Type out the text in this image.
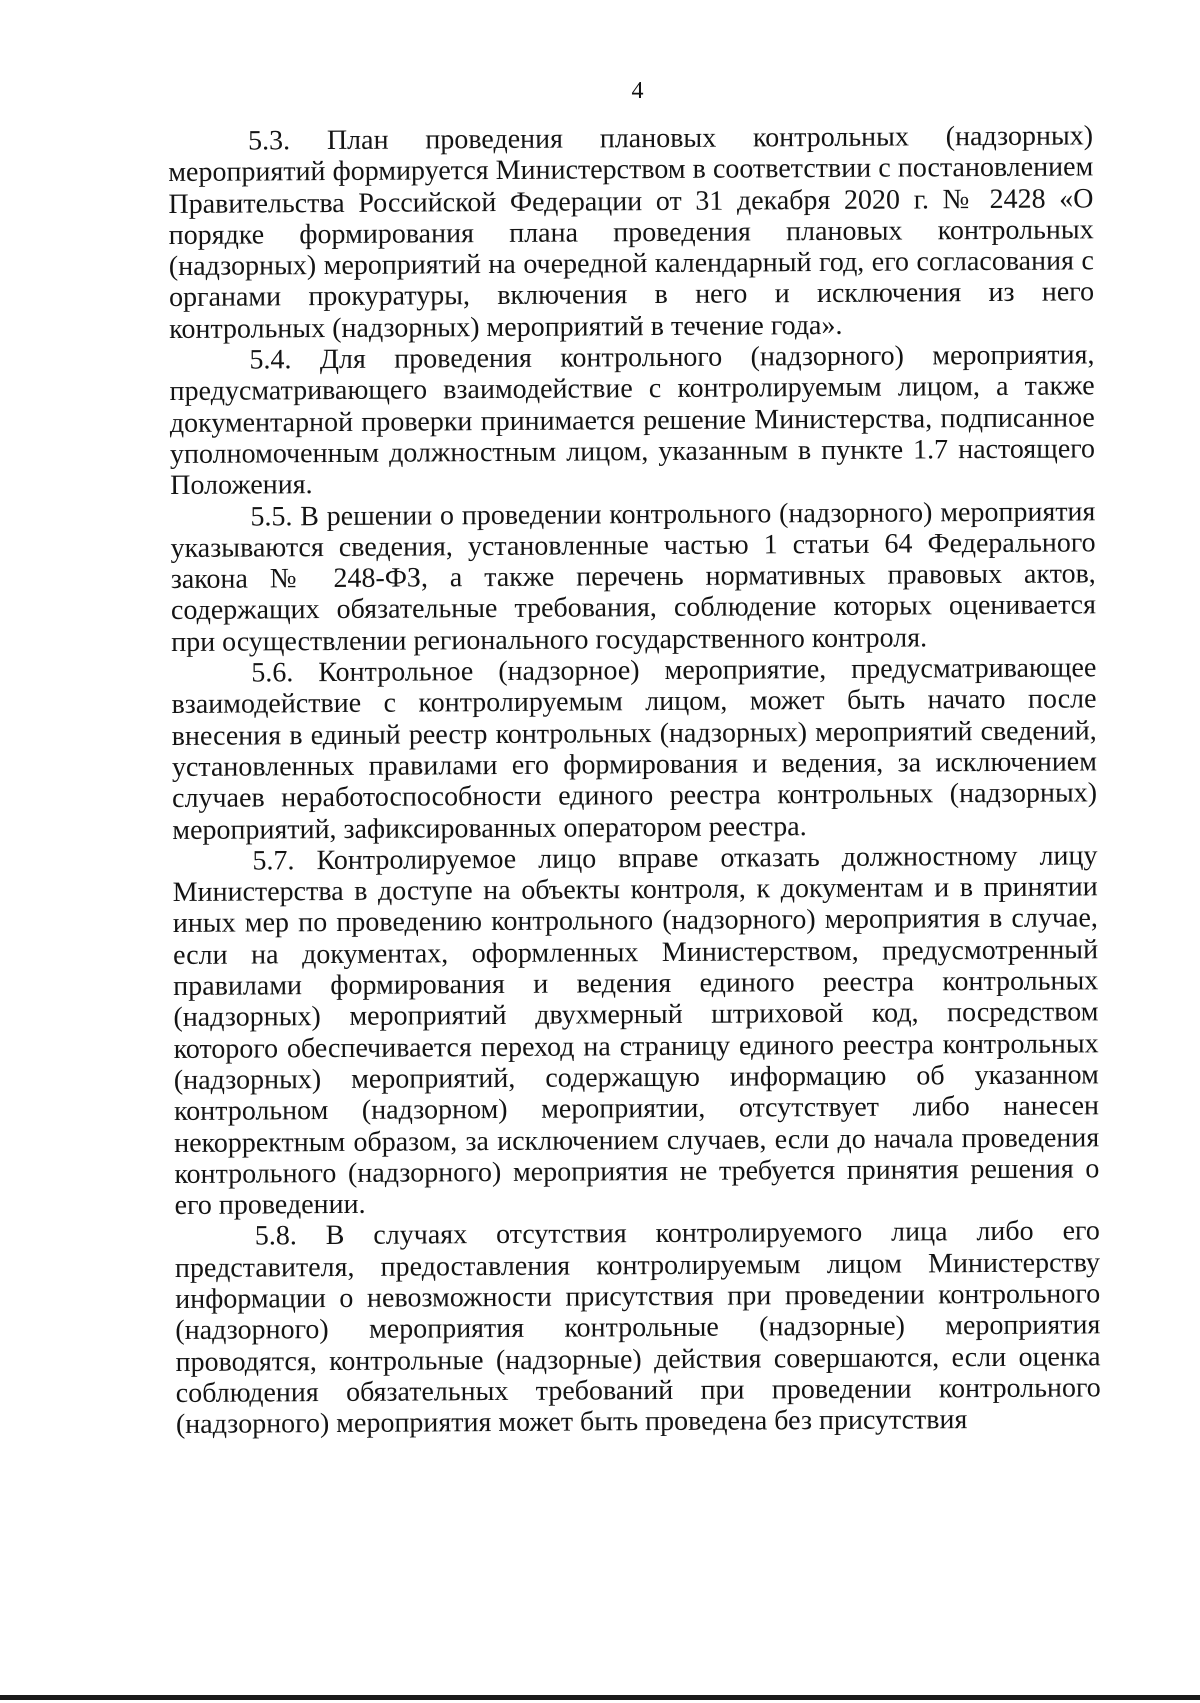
4

5.3. План проведения плановых контрольных (надзорных) мероприятий формируется Министерством в соответствии с постановлением Правительства Российской Федерации от 31 декабря 2020 г. № 2428 «О порядке формирования плана проведения плановых контрольных (надзорных) мероприятий на очередной календарный год, его согласования с органами прокуратуры, включения в него и исключения из него контрольных (надзорных) мероприятий в течение года».

5.4. Для проведения контрольного (надзорного) мероприятия, предусматривающего взаимодействие с контролируемым лицом, а также документарной проверки принимается решение Министерства, подписанное уполномоченным должностным лицом, указанным в пункте 1.7 настоящего Положения.

5.5. В решении о проведении контрольного (надзорного) мероприятия указываются сведения, установленные частью 1 статьи 64 Федерального закона № 248-ФЗ, а также перечень нормативных правовых актов, содержащих обязательные требования, соблюдение которых оценивается при осуществлении регионального государственного контроля.

5.6. Контрольное (надзорное) мероприятие, предусматривающее взаимодействие с контролируемым лицом, может быть начато после внесения в единый реестр контрольных (надзорных) мероприятий сведений, установленных правилами его формирования и ведения, за исключением случаев неработоспособности единого реестра контрольных (надзорных) мероприятий, зафиксированных оператором реестра.

5.7. Контролируемое лицо вправе отказать должностному лицу Министерства в доступе на объекты контроля, к документам и в принятии иных мер по проведению контрольного (надзорного) мероприятия в случае, если на документах, оформленных Министерством, предусмотренный правилами формирования и ведения единого реестра контрольных (надзорных) мероприятий двухмерный штриховой код, посредством которого обеспечивается переход на страницу единого реестра контрольных (надзорных) мероприятий, содержащую информацию об указанном контрольном (надзорном) мероприятии, отсутствует либо нанесен некорректным образом, за исключением случаев, если до начала проведения контрольного (надзорного) мероприятия не требуется принятия решения о его проведении.

5.8. В случаях отсутствия контролируемого лица либо его представителя, предоставления контролируемым лицом Министерству информации о невозможности присутствия при проведении контрольного (надзорного) мероприятия контрольные (надзорные) мероприятия проводятся, контрольные (надзорные) действия совершаются, если оценка соблюдения обязательных требований при проведении контрольного (надзорного) мероприятия может быть проведена без присутствия
